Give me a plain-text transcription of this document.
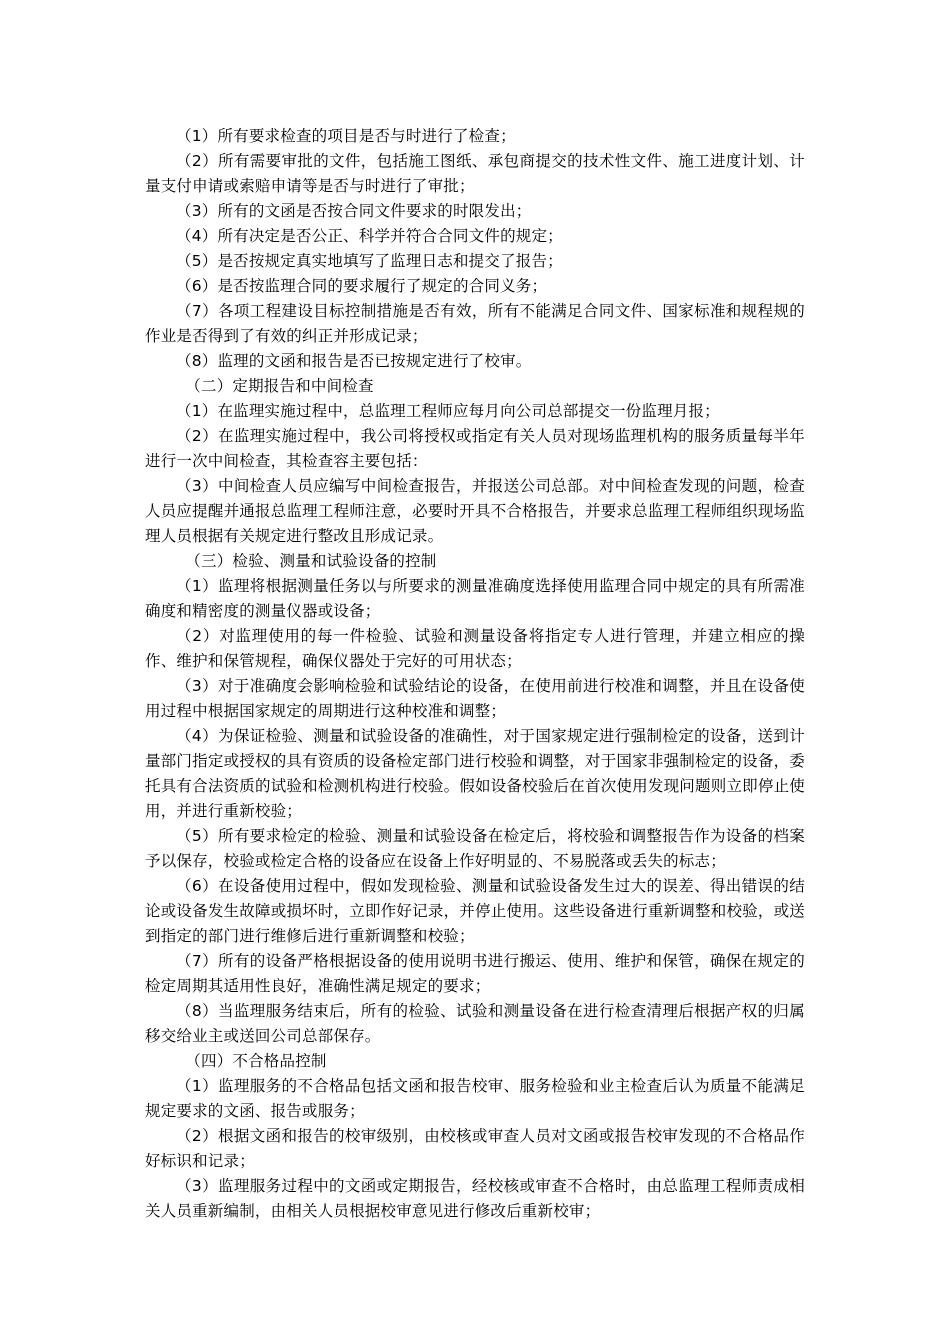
（1）所有要求检查的项目是否与时进行了检查；

（2）所有需要审批的文件，包括施工图纸、承包商提交的技术性文件、施工进度计划、计量支付申请或索赔申请等是否与时进行了审批；

（3）所有的文函是否按合同文件要求的时限发出；

（4）所有决定是否公正、科学并符合合同文件的规定；

（5）是否按规定真实地填写了监理日志和提交了报告；

（6）是否按监理合同的要求履行了规定的合同义务；

（7）各项工程建设目标控制措施是否有效，所有不能满足合同文件、国家标准和规程规的作业是否得到了有效的纠正并形成记录；

（8）监理的文函和报告是否已按规定进行了校审。

（二）定期报告和中间检查

（1）在监理实施过程中，总监理工程师应每月向公司总部提交一份监理月报；

（2）在监理实施过程中，我公司将授权或指定有关人员对现场监理机构的服务质量每半年进行一次中间检查，其检查容主要包括：

（3）中间检查人员应编写中间检查报告，并报送公司总部。对中间检查发现的问题，检查人员应提醒并通报总监理工程师注意，必要时开具不合格报告，并要求总监理工程师组织现场监理人员根据有关规定进行整改且形成记录。

（三）检验、测量和试验设备的控制

（1）监理将根据测量任务以与所要求的测量准确度选择使用监理合同中规定的具有所需准确度和精密度的测量仪器或设备；

（2）对监理使用的每一件检验、试验和测量设备将指定专人进行管理，并建立相应的操作、维护和保管规程，确保仪器处于完好的可用状态；

（3）对于准确度会影响检验和试验结论的设备，在使用前进行校准和调整，并且在设备使用过程中根据国家规定的周期进行这种校准和调整；

（4）为保证检验、测量和试验设备的准确性，对于国家规定进行强制检定的设备，送到计量部门指定或授权的具有资质的设备检定部门进行校验和调整，对于国家非强制检定的设备，委托具有合法资质的试验和检测机构进行校验。假如设备校验后在首次使用发现问题则立即停止使用，并进行重新校验；

（5）所有要求检定的检验、测量和试验设备在检定后，将校验和调整报告作为设备的档案予以保存，校验或检定合格的设备应在设备上作好明显的、不易脱落或丢失的标志；

（6）在设备使用过程中，假如发现检验、测量和试验设备发生过大的误差、得出错误的结论或设备发生故障或损坏时，立即作好记录，并停止使用。这些设备进行重新调整和校验，或送到指定的部门进行维修后进行重新调整和校验；

（7）所有的设备严格根据设备的使用说明书进行搬运、使用、维护和保管，确保在规定的检定周期其适用性良好，准确性满足规定的要求；

（8）当监理服务结束后，所有的检验、试验和测量设备在进行检查清理后根据产权的归属移交给业主或送回公司总部保存。

（四）不合格品控制

（1）监理服务的不合格品包括文函和报告校审、服务检验和业主检查后认为质量不能满足规定要求的文函、报告或服务；

（2）根据文函和报告的校审级别，由校核或审查人员对文函或报告校审发现的不合格品作好标识和记录；

（3）监理服务过程中的文函或定期报告，经校核或审查不合格时，由总监理工程师责成相关人员重新编制，由相关人员根据校审意见进行修改后重新校审；
